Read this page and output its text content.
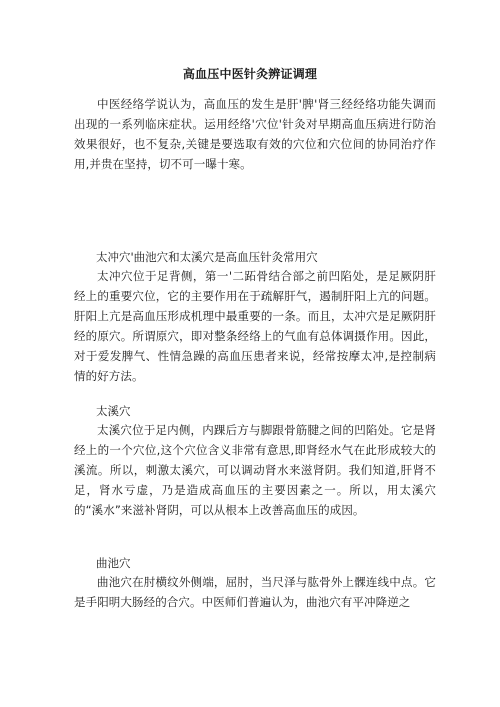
高血压中医针灸辨证调理

中医经络学说认为，高血压的发生是肝'脾'肾三经经络功能失调而出现的一系列临床症状。运用经络'穴位'针灸对早期高血压病进行防治效果很好，也不复杂,关键是要选取有效的穴位和穴位间的协同治疗作用,并贵在坚持，切不可一曝十寒。

太冲穴'曲池穴和太溪穴是高血压针灸常用穴

太冲穴位于足背侧，第一'二跖骨结合部之前凹陷处，是足厥阴肝经上的重要穴位，它的主要作用在于疏解肝气，遏制肝阳上亢的问题。肝阳上亢是高血压形成机理中最重要的一条。而且，太冲穴是足厥阴肝经的原穴。所谓原穴，即对整条经络上的气血有总体调摄作用。因此，对于爱发脾气、性情急躁的高血压患者来说，经常按摩太冲,是控制病情的好方法。

太溪穴

太溪穴位于足内侧，内踝后方与脚跟骨筋腱之间的凹陷处。它是肾经上的一个穴位,这个穴位含义非常有意思,即肾经水气在此形成较大的溪流。所以，刺激太溪穴，可以调动肾水来滋肾阴。我们知道,肝肾不足，肾水亏虚，乃是造成高血压的主要因素之一。所以，用太溪穴的“溪水”来滋补肾阴，可以从根本上改善高血压的成因。

曲池穴

曲池穴在肘横纹外侧端，屈肘，当尺泽与肱骨外上髁连线中点。它是手阳明大肠经的合穴。中医师们普遍认为，曲池穴有平冲降逆之
